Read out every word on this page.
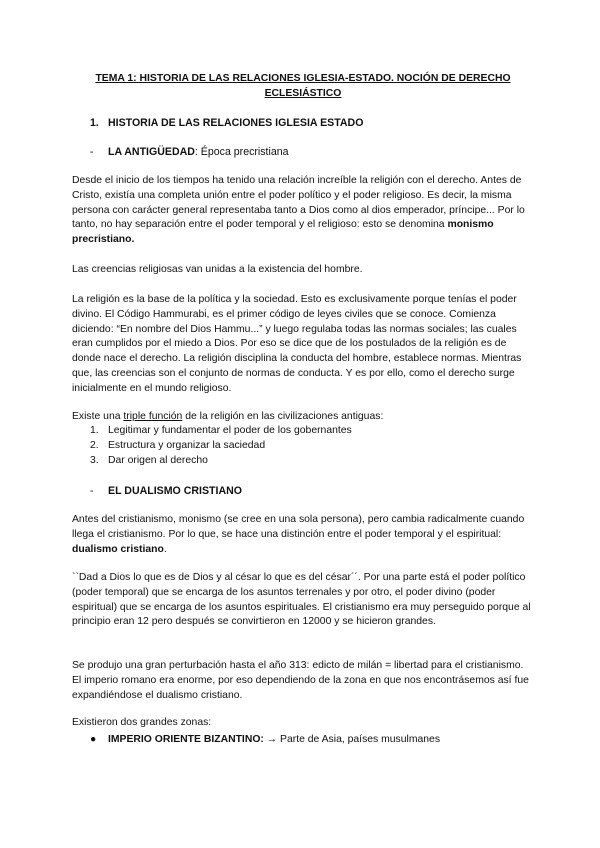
TEMA 1: HISTORIA DE LAS RELACIONES IGLESIA-ESTADO. NOCIÓN DE DERECHO ECLESIÁSTICO
1. HISTORIA DE LAS RELACIONES IGLESIA ESTADO
- LA ANTIGÜEDAD: Época precristiana

Desde el inicio de los tiempos ha tenido una relación increíble la religión con el derecho. Antes de Cristo, existía una completa unión entre el poder político y el poder religioso. Es decir, la misma persona con carácter general representaba tanto a Dios como al dios emperador, príncipe... Por lo tanto, no hay separación entre el poder temporal y el religioso: esto se denomina monismo precristiano.

Las creencias religiosas van unidas a la existencia del hombre.

La religión es la base de la política y la sociedad. Esto es exclusivamente porque tenías el poder divino. El Código Hammurabi, es el primer código de leyes civiles que se conoce. Comienza diciendo: “En nombre del Dios Hammu...” y luego regulaba todas las normas sociales; las cuales eran cumplidos por el miedo a Dios. Por eso se dice que de los postulados de la religión es de donde nace el derecho. La religión disciplina la conducta del hombre, establece normas. Mientras que, las creencias son el conjunto de normas de conducta. Y es por ello, como el derecho surge inicialmente en el mundo religioso.

Existe una triple función de la religión en las civilizaciones antiguas:

1. Legitimar y fundamentar el poder de los gobernantes
2. Estructura y organizar la saciedad
3. Dar origen al derecho
- EL DUALISMO CRISTIANO

Antes del cristianismo, monismo (se cree en una sola persona), pero cambia radicalmente cuando llega el cristianismo. Por lo que, se hace una distinción entre el poder temporal y el espiritual: dualismo cristiano.

``Dad a Dios lo que es de Dios y al césar lo que es del césar´´. Por una parte está el poder político (poder temporal) que se encarga de los asuntos terrenales y por otro, el poder divino (poder espiritual) que se encarga de los asuntos espirituales. El cristianismo era muy perseguido porque al principio eran 12 pero después se convirtieron en 12000 y se hicieron grandes.

Se produjo una gran perturbación hasta el año 313: edicto de milán = libertad para el cristianismo. El imperio romano era enorme, por eso dependiendo de la zona en que nos encontrásemos así fue expandiéndose el dualismo cristiano.

Existieron dos grandes zonas:

● IMPERIO ORIENTE BIZANTINO: → Parte de Asia, países musulmanes
